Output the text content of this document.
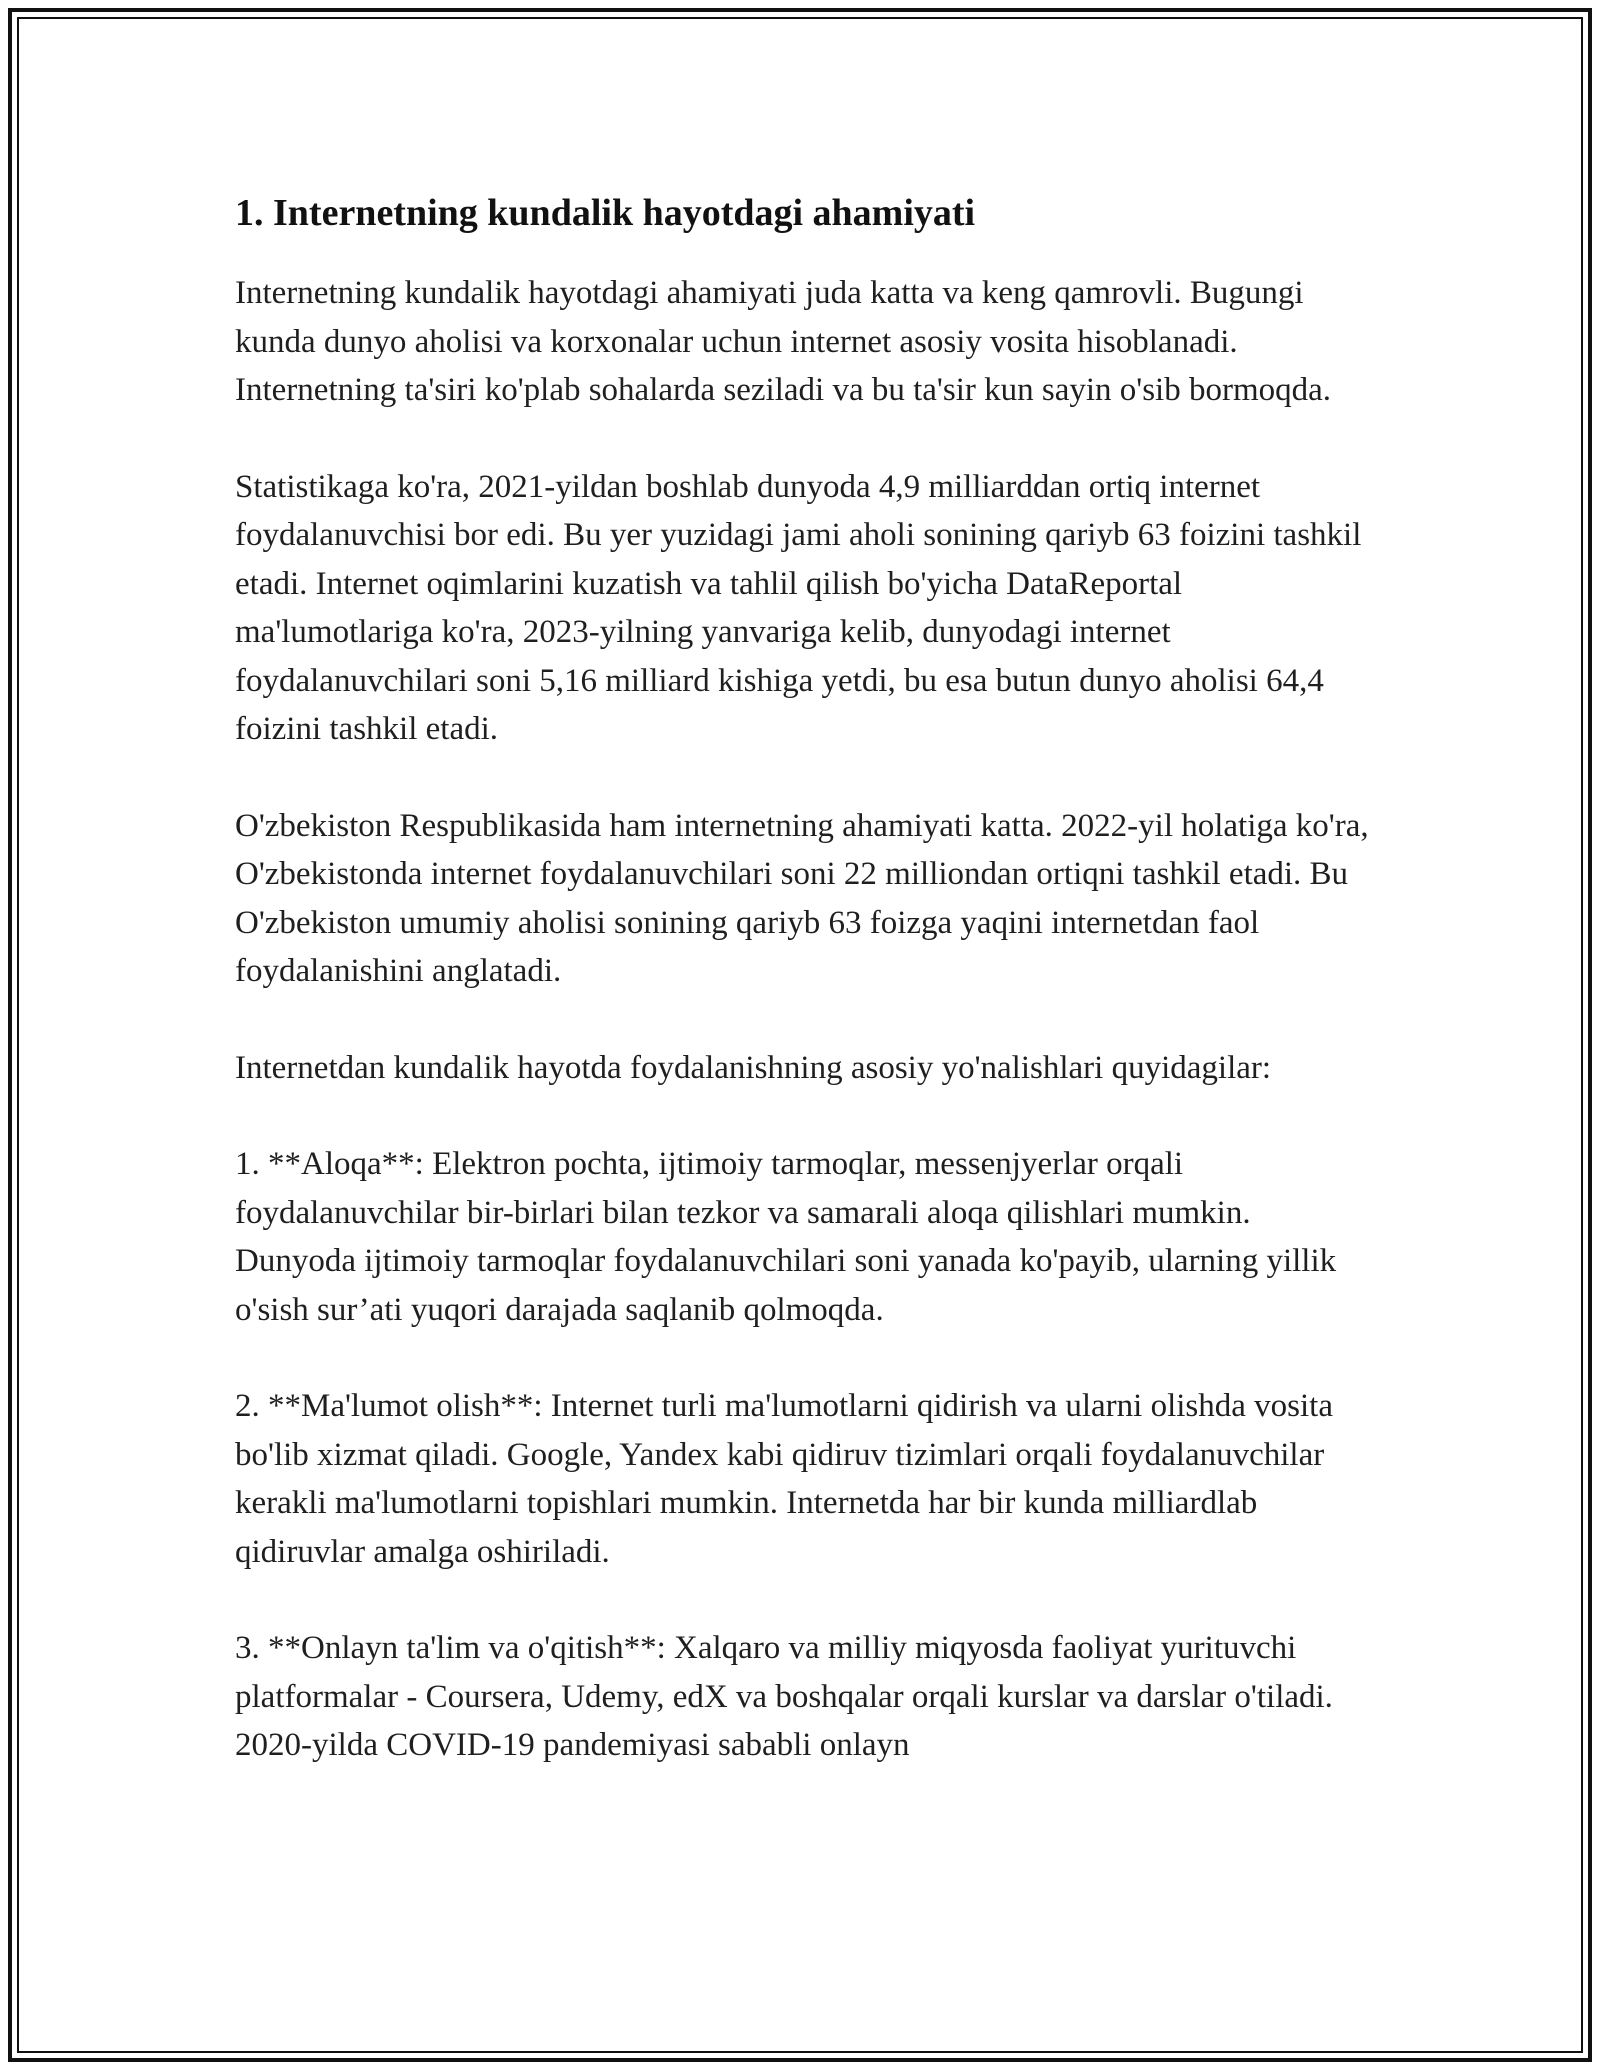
1. Internetning kundalik hayotdagi ahamiyati

Internetning kundalik hayotdagi ahamiyati juda katta va keng qamrovli. Bugungi kunda dunyo aholisi va korxonalar uchun internet asosiy vosita hisoblanadi. Internetning ta'siri ko'plab sohalarda seziladi va bu ta'sir kun sayin o'sib bormoqda.

Statistikaga ko'ra, 2021-yildan boshlab dunyoda 4,9 milliarddan ortiq internet foydalanuvchisi bor edi. Bu yer yuzidagi jami aholi sonining qariyb 63 foizini tashkil etadi. Internet oqimlarini kuzatish va tahlil qilish bo'yicha DataReportal ma'lumotlariga ko'ra, 2023-yilning yanvariga kelib, dunyodagi internet foydalanuvchilari soni 5,16 milliard kishiga yetdi, bu esa butun dunyo aholisi 64,4 foizini tashkil etadi.

O'zbekiston Respublikasida ham internetning ahamiyati katta. 2022-yil holatiga ko'ra, O'zbekistonda internet foydalanuvchilari soni 22 milliondan ortiqni tashkil etadi. Bu O'zbekiston umumiy aholisi sonining qariyb 63 foizga yaqini internetdan faol foydalanishini anglatadi.

Internetdan kundalik hayotda foydalanishning asosiy yo'nalishlari quyidagilar:

1. **Aloqa**: Elektron pochta, ijtimoiy tarmoqlar, messenjyerlar orqali foydalanuvchilar bir-birlari bilan tezkor va samarali aloqa qilishlari mumkin. Dunyoda ijtimoiy tarmoqlar foydalanuvchilari soni yanada ko'payib, ularning yillik o'sish sur’ati yuqori darajada saqlanib qolmoqda.

2. **Ma'lumot olish**: Internet turli ma'lumotlarni qidirish va ularni olishda vosita bo'lib xizmat qiladi. Google, Yandex kabi qidiruv tizimlari orqali foydalanuvchilar kerakli ma'lumotlarni topishlari mumkin. Internetda har bir kunda milliardlab qidiruvlar amalga oshiriladi.

3. **Onlayn ta'lim va o'qitish**: Xalqaro va milliy miqyosda faoliyat yurituvchi platformalar - Coursera, Udemy, edX va boshqalar orqali kurslar va darslar o'tiladi. 2020-yilda COVID-19 pandemiyasi sababli onlayn
